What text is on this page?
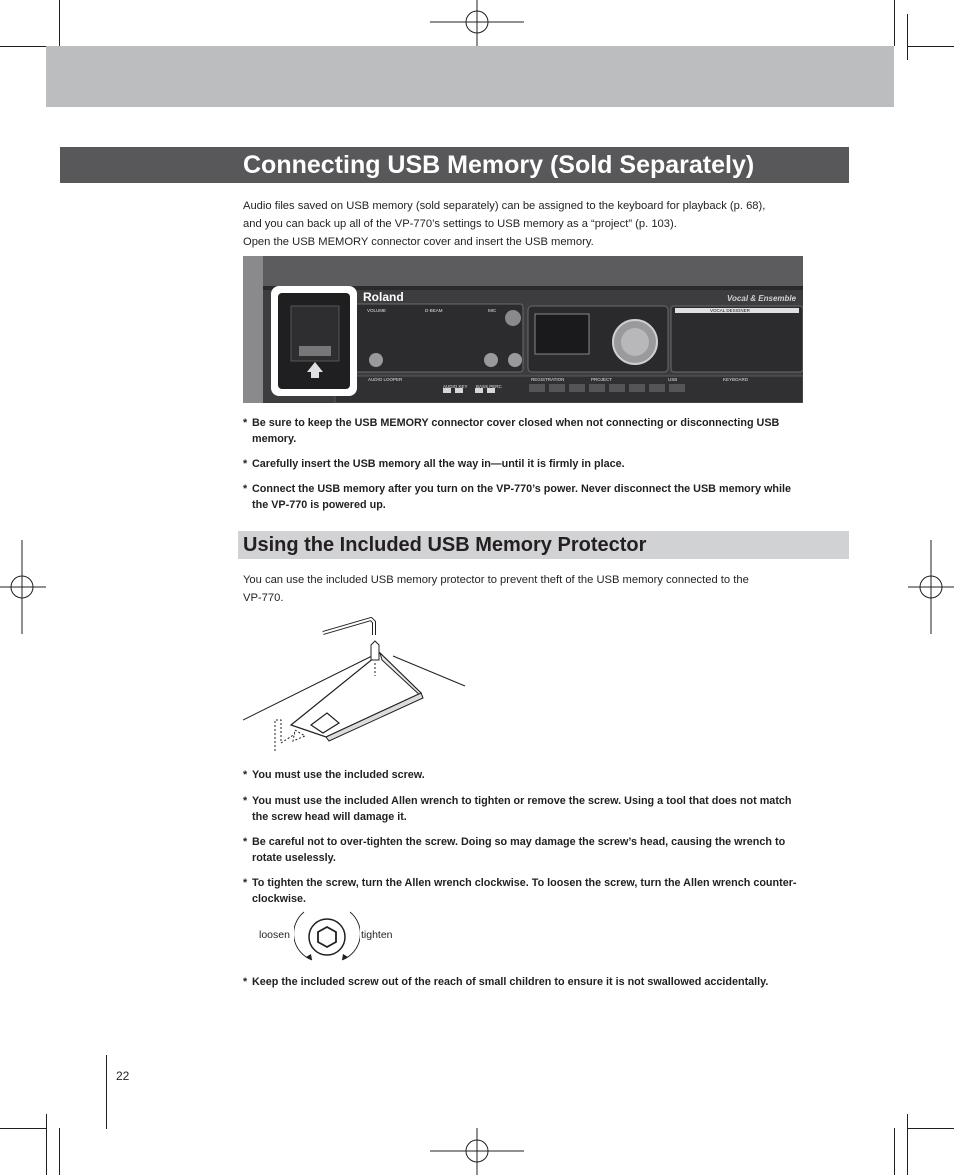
Connecting USB Memory (Sold Separately)
Audio files saved on USB memory (sold separately) can be assigned to the keyboard for playback (p. 68),
and you can back up all of the VP-770’s settings to USB memory as a “project” (p. 103).
Open the USB MEMORY connector cover and insert the USB memory.
Roland	Vocal & Ensemble
VOLUME	D-BEAM	MIC	VOCAL DESIGNER
AUDIO LOOPER
AUDIO KEY BASS PERC
REGISTRATION	PROJECT	USB	KEYBOARD
* Be sure to keep the USB MEMORY connector cover closed when not connecting or disconnecting USB memory.
* Carefully insert the USB memory all the way in—until it is firmly in place.
* Connect the USB memory after you turn on the VP-770’s power. Never disconnect the USB memory while the VP-770 is powered up.
Using the Included USB Memory Protector
You can use the included USB memory protector to prevent theft of the USB memory connected to the
VP-770.
* You must use the included screw.
* You must use the included Allen wrench to tighten or remove the screw. Using a tool that does not match the screw head will damage it.
* Be careful not to over-tighten the screw. Doing so may damage the screw’s head, causing the wrench to rotate uselessly.
* To tighten the screw, turn the Allen wrench clockwise. To loosen the screw, turn the Allen wrench counter-clockwise.
loosen	tighten
* Keep the included screw out of the reach of small children to ensure it is not swallowed accidentally.
22
